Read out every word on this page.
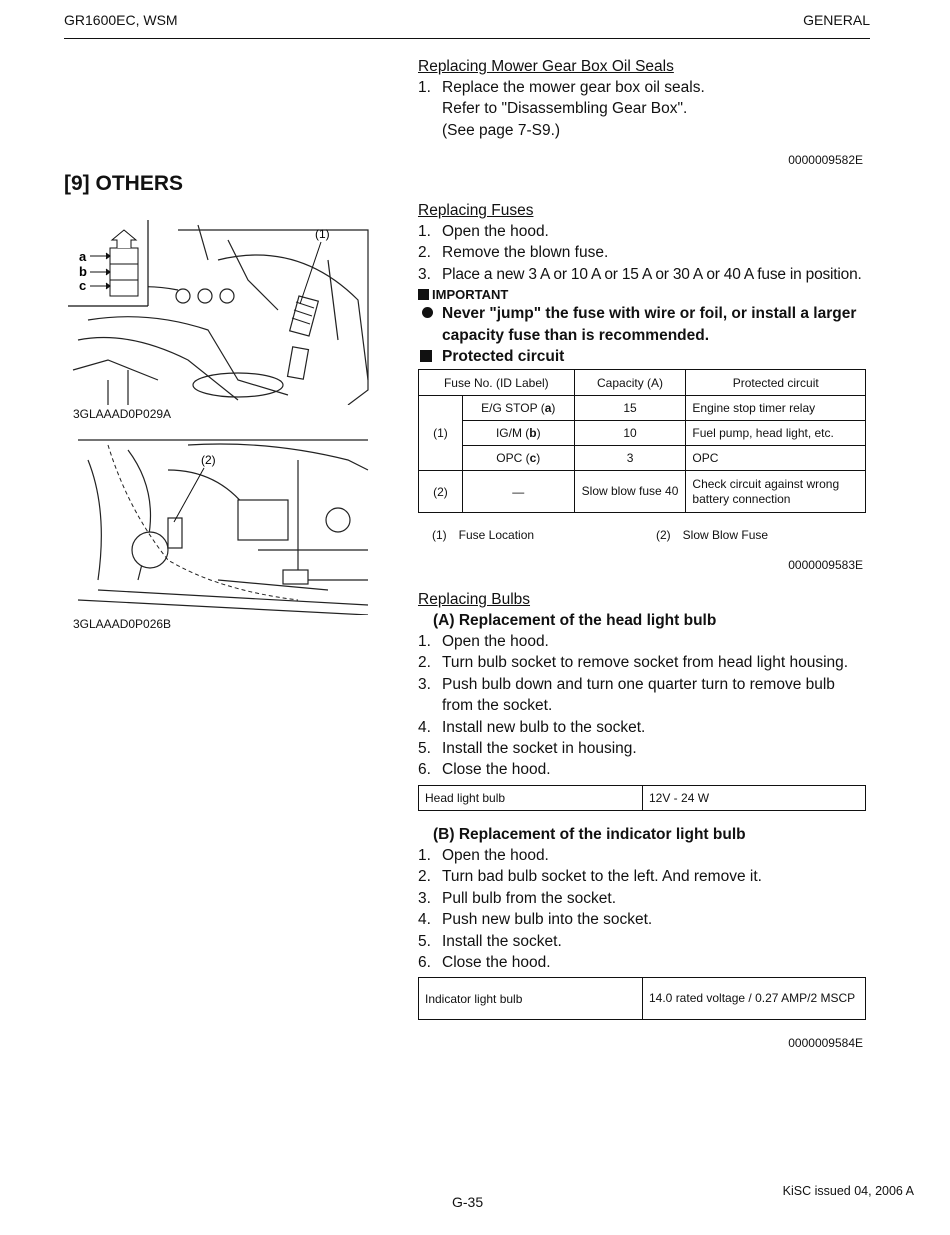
GR1600EC, WSM	GENERAL
[9] OTHERS
Replacing Mower Gear Box Oil Seals
1. Replace the mower gear box oil seals.
Refer to "Disassembling Gear Box".
(See page 7-S9.)
0000009582E
(1)
a
b
c
3GLAAAD0P029A
(2)
3GLAAAD0P026B
Replacing Fuses
1. Open the hood.
2. Remove the blown fuse.
3. Place a new 3 A or 10 A or 15 A or 30 A or 40 A fuse in position.
IMPORTANT
Never "jump" the fuse with wire or foil, or install a larger capacity fuse than is recommended.
Protected circuit
Fuse No. (ID Label)		Capacity (A)	Protected circuit
(1)	E/G STOP (a)	15	Engine stop timer relay
	IG/M (b)	10	Fuel pump, head light, etc.
	OPC (c)	3	OPC
(2)	—	Slow blow fuse 40	Check circuit against wrong battery connection
(1) Fuse Location	(2) Slow Blow Fuse
0000009583E
Replacing Bulbs
(A) Replacement of the head light bulb
1. Open the hood.
2. Turn bulb socket to remove socket from head light housing.
3. Push bulb down and turn one quarter turn to remove bulb from the socket.
4. Install new bulb to the socket.
5. Install the socket in housing.
6. Close the hood.
Head light bulb	12V - 24 W
(B) Replacement of the indicator light bulb
1. Open the hood.
2. Turn bad bulb socket to the left. And remove it.
3. Pull bulb from the socket.
4. Push new bulb into the socket.
5. Install the socket.
6. Close the hood.
Indicator light bulb	14.0 rated voltage / 0.27 AMP/2 MSCP
0000009584E
G-35
KiSC issued 04, 2006 A
